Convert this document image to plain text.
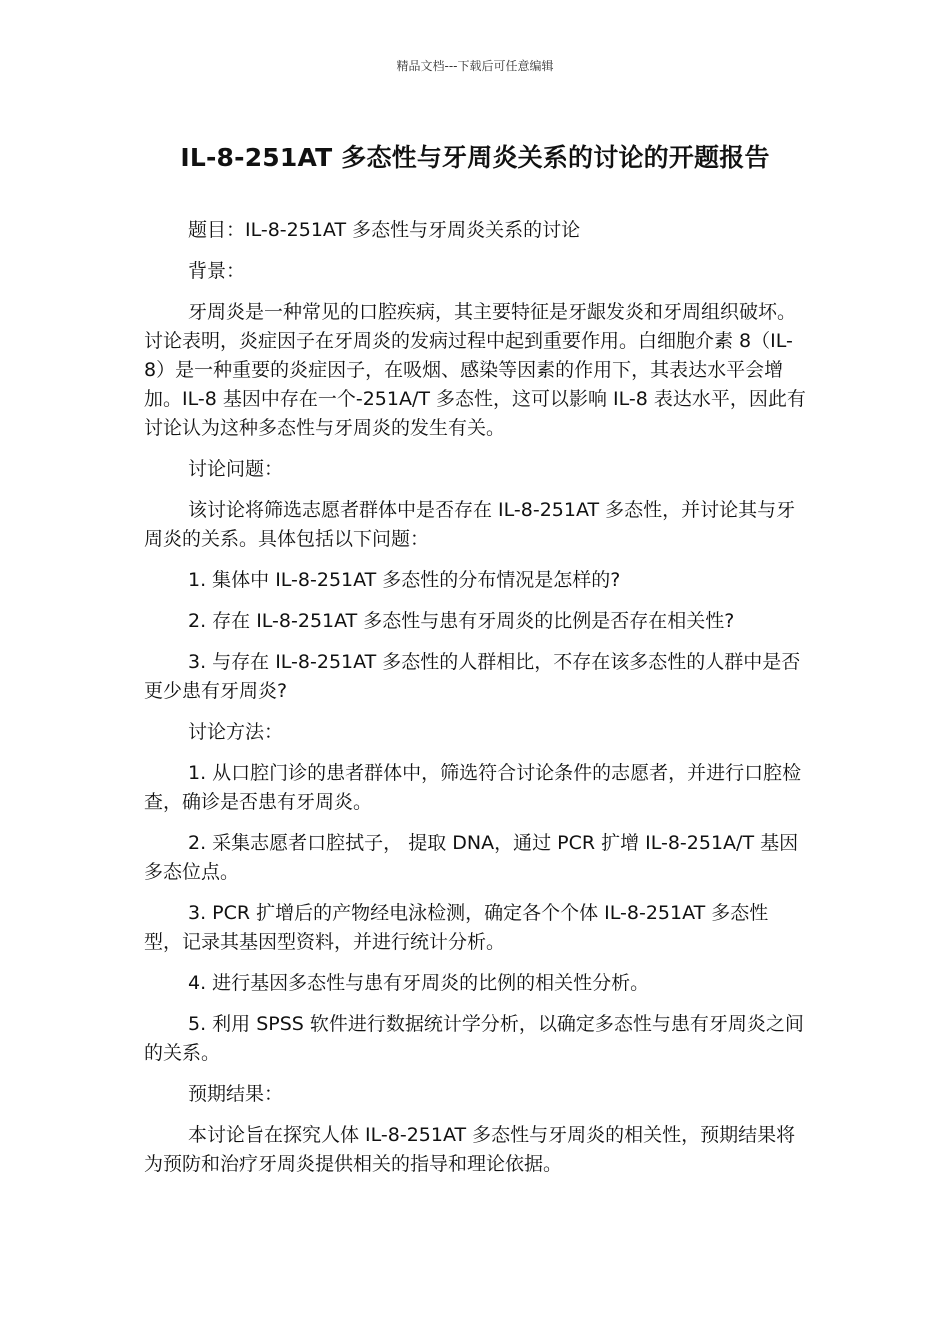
精品文档---下载后可任意编辑
IL-8-251AT 多态性与牙周炎关系的讨论的开题报告

题目：IL-8-251AT 多态性与牙周炎关系的讨论

背景：

牙周炎是一种常见的口腔疾病，其主要特征是牙龈发炎和牙周组织破坏。讨论表明，炎症因子在牙周炎的发病过程中起到重要作用。白细胞介素 8（IL-8）是一种重要的炎症因子，在吸烟、感染等因素的作用下，其表达水平会增加。IL-8 基因中存在一个-251A/T 多态性，这可以影响 IL-8 表达水平，因此有讨论认为这种多态性与牙周炎的发生有关。

讨论问题：

该讨论将筛选志愿者群体中是否存在 IL-8-251AT 多态性，并讨论其与牙周炎的关系。具体包括以下问题：

1. 集体中 IL-8-251AT 多态性的分布情况是怎样的?

2. 存在 IL-8-251AT 多态性与患有牙周炎的比例是否存在相关性?

3. 与存在 IL-8-251AT 多态性的人群相比，不存在该多态性的人群中是否更少患有牙周炎?

讨论方法：

1. 从口腔门诊的患者群体中，筛选符合讨论条件的志愿者，并进行口腔检查，确诊是否患有牙周炎。

2. 采集志愿者口腔拭子， 提取 DNA，通过 PCR 扩增 IL-8-251A/T 基因多态位点。

3. PCR 扩增后的产物经电泳检测，确定各个个体 IL-8-251AT 多态性型，记录其基因型资料，并进行统计分析。

4. 进行基因多态性与患有牙周炎的比例的相关性分析。

5. 利用 SPSS 软件进行数据统计学分析，以确定多态性与患有牙周炎之间的关系。

预期结果：

本讨论旨在探究人体 IL-8-251AT 多态性与牙周炎的相关性，预期结果将为预防和治疗牙周炎提供相关的指导和理论依据。
